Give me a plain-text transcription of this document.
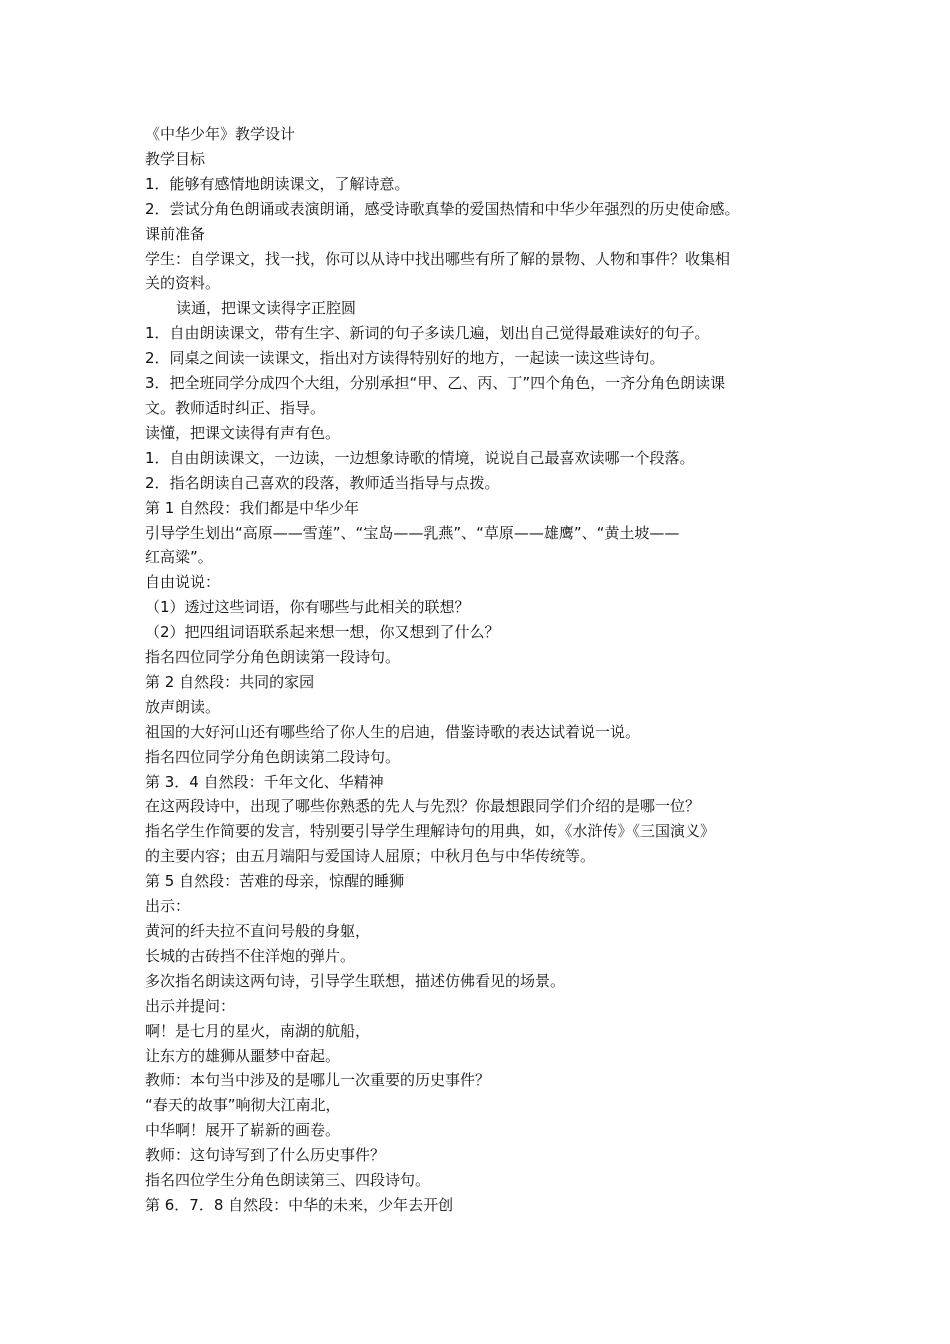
《中华少年》教学设计

教学目标

1．能够有感情地朗读课文，了解诗意。

2．尝试分角色朗诵或表演朗诵，感受诗歌真挚的爱国热情和中华少年强烈的历史使命感。

课前准备

学生：自学课文，找一找，你可以从诗中找出哪些有所了解的景物、人物和事件？收集相

关的资料。

读通，把课文读得字正腔圆

1．自由朗读课文，带有生字、新词的句子多读几遍，划出自己觉得最难读好的句子。

2．同桌之间读一读课文，指出对方读得特别好的地方，一起读一读这些诗句。

3．把全班同学分成四个大组，分别承担“甲、乙、丙、丁”四个角色，一齐分角色朗读课

文。教师适时纠正、指导。

读懂，把课文读得有声有色。

1．自由朗读课文，一边读，一边想象诗歌的情境，说说自己最喜欢读哪一个段落。

2．指名朗读自己喜欢的段落，教师适当指导与点拨。

第 1 自然段：我们都是中华少年

引导学生划出“高原——雪莲”、“宝岛——乳燕”、“草原——雄鹰”、“黄土坡——

红高粱”。

自由说说：

（1）透过这些词语，你有哪些与此相关的联想？

（2）把四组词语联系起来想一想，你又想到了什么？

指名四位同学分角色朗读第一段诗句。

第 2 自然段：共同的家园

放声朗读。

祖国的大好河山还有哪些给了你人生的启迪，借鉴诗歌的表达试着说一说。

指名四位同学分角色朗读第二段诗句。

第 3．4 自然段：千年文化、华精神

在这两段诗中，出现了哪些你熟悉的先人与先烈？你最想跟同学们介绍的是哪一位？

指名学生作简要的发言，特别要引导学生理解诗句的用典，如，《水浒传》《三国演义》

的主要内容；由五月端阳与爱国诗人屈原；中秋月色与中华传统等。

第 5 自然段：苦难的母亲，惊醒的睡狮

出示：

黄河的纤夫拉不直问号般的身躯，

长城的古砖挡不住洋炮的弹片。

多次指名朗读这两句诗，引导学生联想，描述仿佛看见的场景。

出示并提问：

啊！是七月的星火，南湖的航船，

让东方的雄狮从噩梦中奋起。

教师：本句当中涉及的是哪儿一次重要的历史事件？

“春天的故事”响彻大江南北，

中华啊！展开了崭新的画卷。

教师：这句诗写到了什么历史事件？

指名四位学生分角色朗读第三、四段诗句。

第 6．7．8 自然段：中华的未来，少年去开创
